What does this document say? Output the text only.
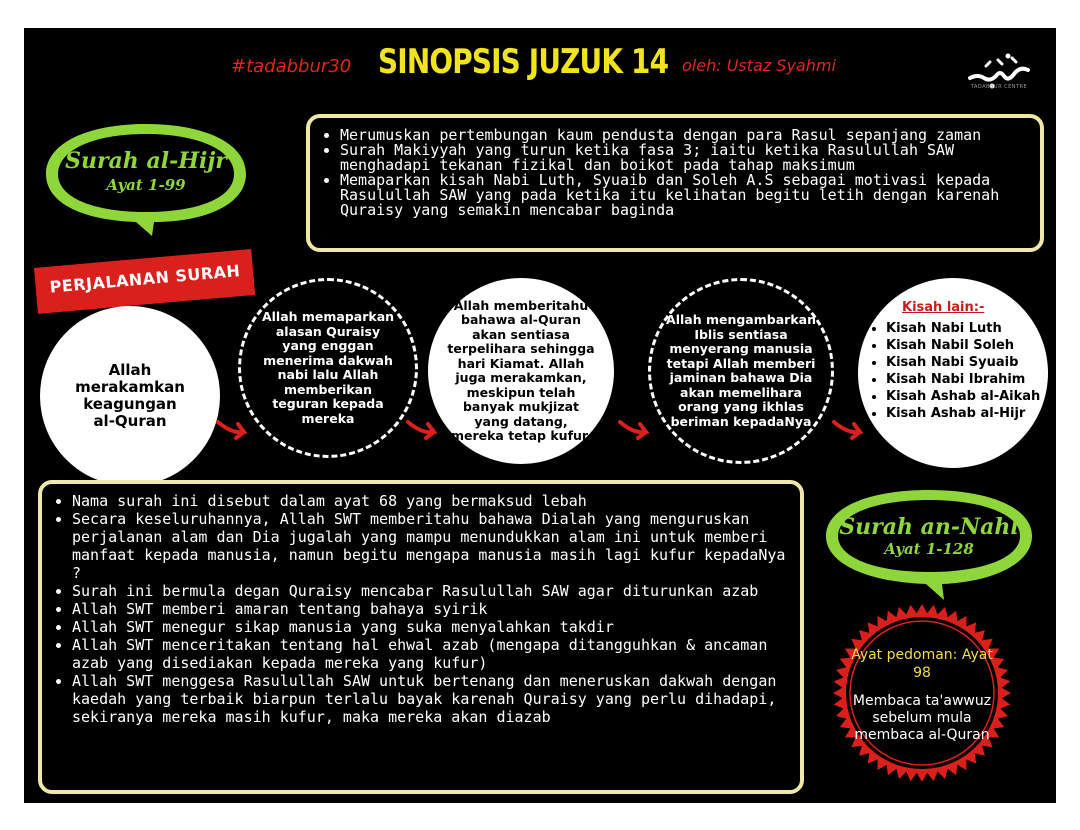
#tadabbur30 SINOPSIS JUZUK 14 oleh: Ustaz Syahmi
TADABBUR CENTRE
Surah al-Hijr
Ayat 1-99
• Merumuskan pertembungan kaum pendusta dengan para Rasul sepanjang zaman
• Surah Makiyyah yang turun ketika fasa 3; iaitu ketika Rasulullah SAW menghadapi tekanan fizikal dan boikot pada tahap maksimum
• Memaparkan kisah Nabi Luth, Syuaib dan Soleh A.S sebagai motivasi kepada Rasulullah SAW yang pada ketika itu kelihatan begitu letih dengan karenah Quraisy yang semakin mencabar baginda
PERJALANAN SURAH
Allah merakamkan keagungan al-Quran
Allah memaparkan alasan Quraisy yang enggan menerima dakwah nabi lalu Allah memberikan teguran kepada mereka
Allah memberitahu bahawa al-Quran akan sentiasa terpelihara sehingga hari Kiamat. Allah juga merakamkan, meskipun telah banyak mukjizat yang datang, mereka tetap kufur.
Allah mengambarkan Iblis sentiasa menyerang manusia tetapi Allah memberi jaminan bahawa Dia akan memelihara orang yang ikhlas beriman kepadaNya
Kisah lain:-
• Kisah Nabi Luth
• Kisah Nabil Soleh
• Kisah Nabi Syuaib
• Kisah Nabi Ibrahim
• Kisah Ashab al-Aikah
• Kisah Ashab al-Hijr
• Nama surah ini disebut dalam ayat 68 yang bermaksud lebah
• Secara keseluruhannya, Allah SWT memberitahu bahawa Dialah yang menguruskan perjalanan alam dan Dia jugalah yang mampu menundukkan alam ini untuk memberi manfaat kepada manusia, namun begitu mengapa manusia masih lagi kufur kepadaNya ?
• Surah ini bermula degan Quraisy mencabar Rasulullah SAW agar diturunkan azab
• Allah SWT memberi amaran tentang bahaya syirik
• Allah SWT menegur sikap manusia yang suka menyalahkan takdir
• Allah SWT menceritakan tentang hal ehwal azab (mengapa ditangguhkan & ancaman azab yang disediakan kepada mereka yang kufur)
• Allah SWT menggesa Rasulullah SAW untuk bertenang dan meneruskan dakwah dengan kaedah yang terbaik biarpun terlalu bayak karenah Quraisy yang perlu dihadapi, sekiranya mereka masih kufur, maka mereka akan diazab
Surah an-Nahl
Ayat 1-128
Ayat pedoman: Ayat 98
Membaca ta'awwuz sebelum mula membaca al-Quran
